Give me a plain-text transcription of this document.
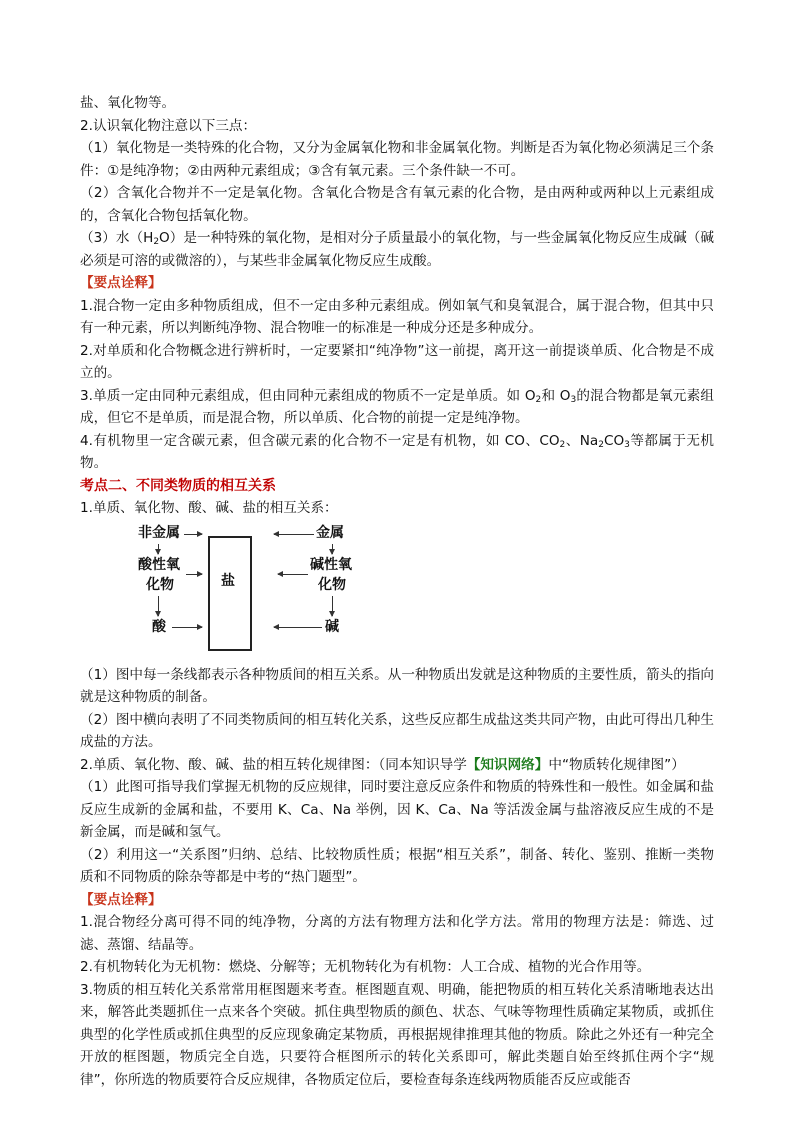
盐、氧化物等。

2.认识氧化物注意以下三点：

（1）氧化物是一类特殊的化合物，又分为金属氧化物和非金属氧化物。判断是否为氧化物必须满足三个条件：①是纯净物；②由两种元素组成；③含有氧元素。三个条件缺一不可。

（2）含氧化合物并不一定是氧化物。含氧化合物是含有氧元素的化合物，是由两种或两种以上元素组成的，含氧化合物包括氧化物。

（3）水$(H_2O)$是一种特殊的氧化物，是相对分子质量最小的氧化物，与一些金属氧化物反应生成碱（碱必须是可溶的或微溶的），与某些非金属氧化物反应生成酸。

【要点诠释】

1.混合物一定由多种物质组成，但不一定由多种元素组成。例如氧气和臭氧混合，属于混合物，但其中只有一种元素，所以判断纯净物、混合物唯一的标准是一种成分还是多种成分。

2.对单质和化合物概念进行辨析时，一定要紧扣“纯净物”这一前提，离开这一前提谈单质、化合物是不成立的。

3.单质一定由同种元素组成，但由同种元素组成的物质不一定是单质。如 $O_2$和 $O_3$的混合物都是氧元素组成，但它不是单质，而是混合物，所以单质、化合物的前提一定是纯净物。

4.有机物里一定含碳元素，但含碳元素的化合物不一定是有机物，如 CO、$CO_2$、$Na_2CO_3$等都属于无机物。

考点二、不同类物质的相互关系

1.单质、氧化物、酸、碱、盐的相互关系：

非金属
酸性氧
化物
酸
盐
金属
碱性氧
化物
碱

（1）图中每一条线都表示各种物质间的相互关系。从一种物质出发就是这种物质的主要性质，箭头的指向就是这种物质的制备。

（2）图中横向表明了不同类物质间的相互转化关系，这些反应都生成盐这类共同产物，由此可得出几种生成盐的方法。

2.单质、氧化物、酸、碱、盐的相互转化规律图：（同本知识导学【知识网络】中“物质转化规律图”）

（1）此图可指导我们掌握无机物的反应规律，同时要注意反应条件和物质的特殊性和一般性。如金属和盐反应生成新的金属和盐，不要用 K、Ca、Na 举例，因 K、Ca、Na 等活泼金属与盐溶液反应生成的不是新金属，而是碱和氢气。

（2）利用这一“关系图”归纳、总结、比较物质性质；根据“相互关系”，制备、转化、鉴别、推断一类物质和不同物质的除杂等都是中考的“热门题型”。

【要点诠释】

1.混合物经分离可得不同的纯净物，分离的方法有物理方法和化学方法。常用的物理方法是：筛选、过滤、蒸馏、结晶等。

2.有机物转化为无机物：燃烧、分解等；无机物转化为有机物：人工合成、植物的光合作用等。

3.物质的相互转化关系常常用框图题来考查。框图题直观、明确，能把物质的相互转化关系清晰地表达出来，解答此类题抓住一点来各个突破。抓住典型物质的颜色、状态、气味等物理性质确定某物质，或抓住典型的化学性质或抓住典型的反应现象确定某物质，再根据规律推理其他的物质。除此之外还有一种完全开放的框图题，物质完全自选，只要符合框图所示的转化关系即可，解此类题自始至终抓住两个字“规律”，你所选的物质要符合反应规律，各物质定位后，要检查每条连线两物质能否反应或能否
